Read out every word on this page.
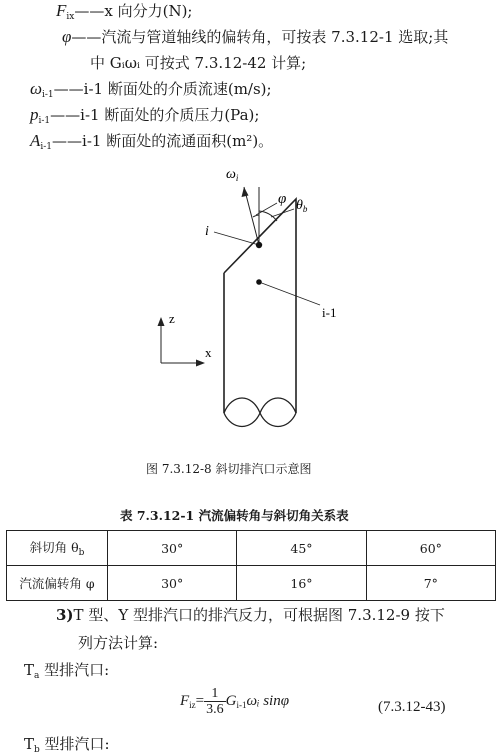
$F_{ix}——x$ 向分力(N);
φ——汽流与管道轴线的偏转角，可按表 7.3.12-1 选取;其
中 Gᵢωᵢ 可按式 7.3.12-42 计算;
$\omega_{i-1}——i-1$ 断面处的介质流速(m/s);
$p_{i-1}——i-1$ 断面处的介质压力(Pa);
$A_{i-1}——i-1$ 断面处的流通面积(m²)。
$\omega_i$
φ $\theta_b$
i
i-1
z
x
图 7.3.12-8 斜切排汽口示意图
表 7.3.12-1 汽流偏转角与斜切角关系表
斜切角 $\theta_b$	30°	45°	60°
汽流偏转角 φ	30°	16°	7°
3)T 型、Y 型排汽口的排汽反力，可根据图 7.3.12-9 按下
列方法计算:
$T_a$ 型排汽口:
$F_{iz}= \frac{1}{3.6}$ $G_{i-1}\omega ᵢ$ sinφ	(7.3.12-43)
$T_b$ 型排汽口:
